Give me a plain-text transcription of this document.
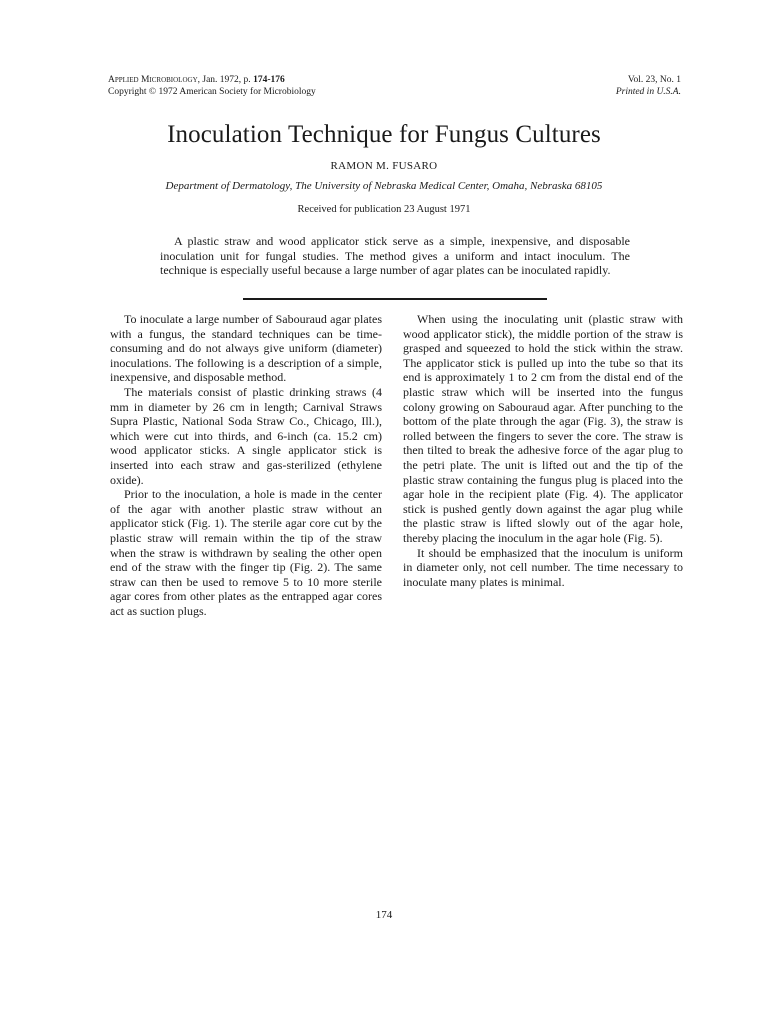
Applied Microbiology, Jan. 1972, p. 174-176
Copyright © 1972 American Society for Microbiology
Vol. 23, No. 1
Printed in U.S.A.
Inoculation Technique for Fungus Cultures
RAMON M. FUSARO
Department of Dermatology, The University of Nebraska Medical Center, Omaha, Nebraska 68105
Received for publication 23 August 1971
A plastic straw and wood applicator stick serve as a simple, inexpensive, and disposable inoculation unit for fungal studies. The method gives a uniform and intact inoculum. The technique is especially useful because a large number of agar plates can be inoculated rapidly.

To inoculate a large number of Sabouraud agar plates with a fungus, the standard techniques can be time-consuming and do not always give uniform (diameter) inoculations. The following is a description of a simple, inexpensive, and disposable method.

The materials consist of plastic drinking straws (4 mm in diameter by 26 cm in length; Carnival Straws Supra Plastic, National Soda Straw Co., Chicago, Ill.), which were cut into thirds, and 6-inch (ca. 15.2 cm) wood applicator sticks. A single applicator stick is inserted into each straw and gas-sterilized (ethylene oxide).

Prior to the inoculation, a hole is made in the center of the agar with another plastic straw without an applicator stick (Fig. 1). The sterile agar core cut by the plastic straw will remain within the tip of the straw when the straw is withdrawn by sealing the other open end of the straw with the finger tip (Fig. 2). The same straw can then be used to remove 5 to 10 more sterile agar cores from other plates as the entrapped agar cores act as suction plugs.

When using the inoculating unit (plastic straw with wood applicator stick), the middle portion of the straw is grasped and squeezed to hold the stick within the straw. The applicator stick is pulled up into the tube so that its end is approximately 1 to 2 cm from the distal end of the plastic straw which will be inserted into the fungus colony growing on Sabouraud agar. After punching to the bottom of the plate through the agar (Fig. 3), the straw is rolled between the fingers to sever the core. The straw is then tilted to break the adhesive force of the agar plug to the petri plate. The unit is lifted out and the tip of the plastic straw containing the fungus plug is placed into the agar hole in the recipient plate (Fig. 4). The applicator stick is pushed gently down against the agar plug while the plastic straw is lifted slowly out of the agar hole, thereby placing the inoculum in the agar hole (Fig. 5).

It should be emphasized that the inoculum is uniform in diameter only, not cell number. The time necessary to inoculate many plates is minimal.

174
